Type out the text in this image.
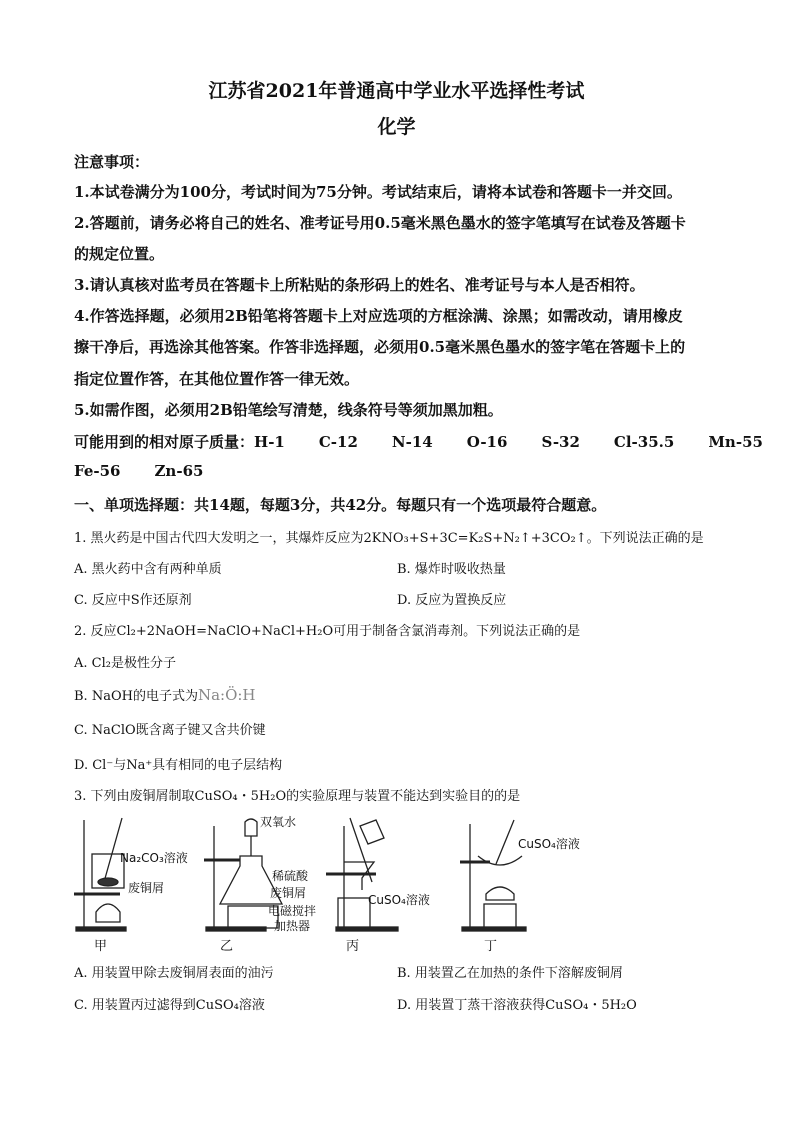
江苏省2021年普通高中学业水平选择性考试
化学
注意事项：
1.本试卷满分为100分，考试时间为75分钟。考试结束后，请将本试卷和答题卡一并交回。
2.答题前，请务必将自己的姓名、准考证号用0.5毫米黑色墨水的签字笔填写在试卷及答题卡
的规定位置。
3.请认真核对监考员在答题卡上所粘贴的条形码上的姓名、准考证号与本人是否相符。
4.作答选择题，必须用2B铅笔将答题卡上对应选项的方框涂满、涂黑；如需改动，请用橡皮
擦干净后，再选涂其他答案。作答非选择题，必须用0.5毫米黑色墨水的签字笔在答题卡上的
指定位置作答，在其他位置作答一律无效。
5.如需作图，必须用2B铅笔绘写清楚，线条符号等须加黑加粗。
可能用到的相对原子质量：H-1 C-12 N-14 O-16 S-32 Cl-35.5 Mn-55
Fe-56 Zn-65
一、单项选择题：共14题，每题3分，共42分。每题只有一个选项最符合题意。
1. 黑火药是中国古代四大发明之一，其爆炸反应为2KNO₃+S+3C=K₂S+N₂↑+3CO₂↑。下列说法正确的是
A. 黑火药中含有两种单质	B. 爆炸时吸收热量
C. 反应中S作还原剂	D. 反应为置换反应
2. 反应Cl₂+2NaOH=NaClO+NaCl+H₂O可用于制备含氯消毒剂。下列说法正确的是
A. Cl₂是极性分子
B. NaOH的电子式为Na:Ö:H
C. NaClO既含离子键又含共价键
D. Cl⁻与Na⁺具有相同的电子层结构
3. 下列由废铜屑制取CuSO₄・5H₂O的实验原理与装置不能达到实验目的的是
Na₂CO₃溶液
废铜屑
甲
双氧水
稀硫酸
废铜屑
电磁搅拌
加热器
乙
CuSO₄溶液
丙
CuSO₄溶液
丁
A. 用装置甲除去废铜屑表面的油污	B. 用装置乙在加热的条件下溶解废铜屑
C. 用装置丙过滤得到CuSO₄溶液	D. 用装置丁蒸干溶液获得CuSO₄・5H₂O
